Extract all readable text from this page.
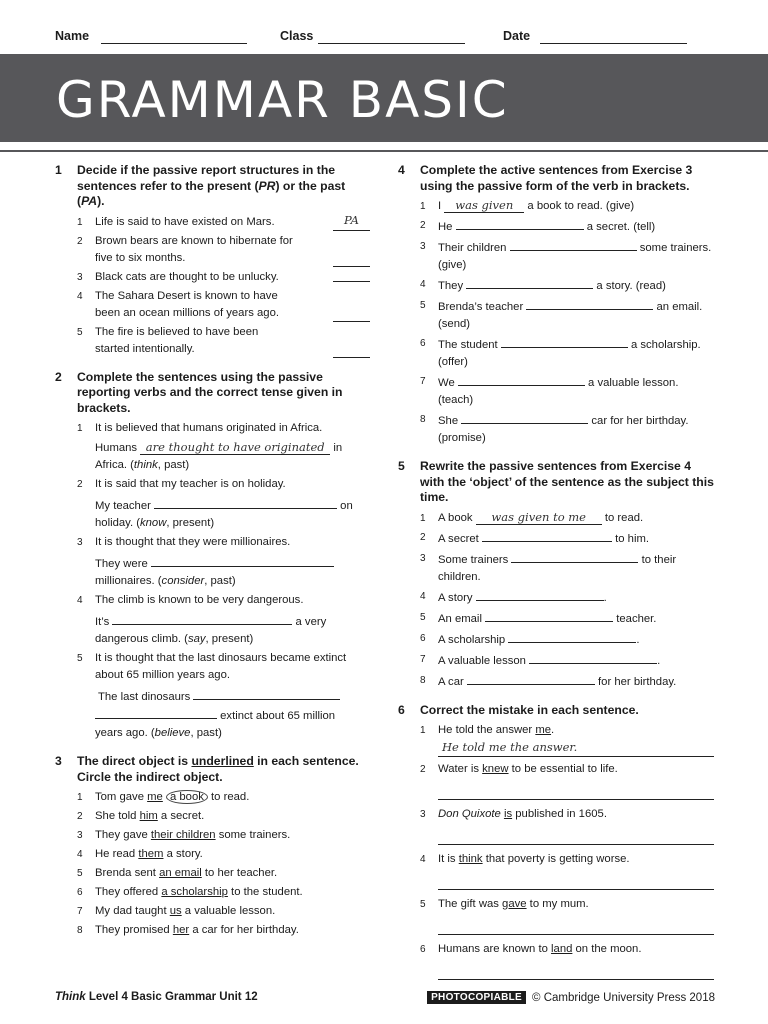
Name	Class	Date
GRAMMAR BASIC
1	Decide if the passive report structures in the sentences refer to the present (PR) or the past (PA).
1	Life is said to have existed on Mars.	PA
2	Brown bears are known to hibernate for five to six months.
3	Black cats are thought to be unlucky.
4	The Sahara Desert is known to have been an ocean millions of years ago.
5	The fire is believed to have been started intentionally.
2	Complete the sentences using the passive reporting verbs and the correct tense given in brackets.
1	It is believed that humans originated in Africa.
Humans are thought to have originated in
Africa. (think, past)
2	It is said that my teacher is on holiday.
My teacher	on
holiday. (know, present)
3	It is thought that they were millionaires.
They were
millionaires. (consider, past)
4	The climb is known to be very dangerous.
It’s	a very
dangerous climb. (say, present)
5	It is thought that the last dinosaurs became extinct about 65 million years ago.
The last dinosaurs
extinct about 65 million
years ago. (believe, past)
3	The direct object is underlined in each sentence. Circle the indirect object.
1	Tom gave me a book to read.
2	She told him a secret.
3	They gave their children some trainers.
4	He read them a story.
5	Brenda sent an email to her teacher.
6	They offered a scholarship to the student.
7	My dad taught us a valuable lesson.
8	They promised her a car for her birthday.
4	Complete the active sentences from Exercise 3 using the passive form of the verb in brackets.
1	I was given a book to read. (give)
2	He	a secret. (tell)
3	Their children	some trainers. (give)
4	They	a story. (read)
5	Brenda’s teacher	an email. (send)
6	The student	a scholarship. (offer)
7	We	a valuable lesson. (teach)
8	She	car for her birthday. (promise)
5	Rewrite the passive sentences from Exercise 4 with the ‘object’ of the sentence as the subject this time.
1	A book was given to me to read.
2	A secret	to him.
3	Some trainers	to their children.
4	A story	.
5	An email	teacher.
6	A scholarship	.
7	A valuable lesson	.
8	A car	for her birthday.
6	Correct the mistake in each sentence.
1	He told the answer me.
He told me the answer.
2	Water is knew to be essential to life.
3	Don Quixote is published in 1605.
4	It is think that poverty is getting worse.
5	The gift was gave to my mum.
6	Humans are known to land on the moon.
Think Level 4 Basic Grammar Unit 12	PHOTOCOPIABLE © Cambridge University Press 2018
